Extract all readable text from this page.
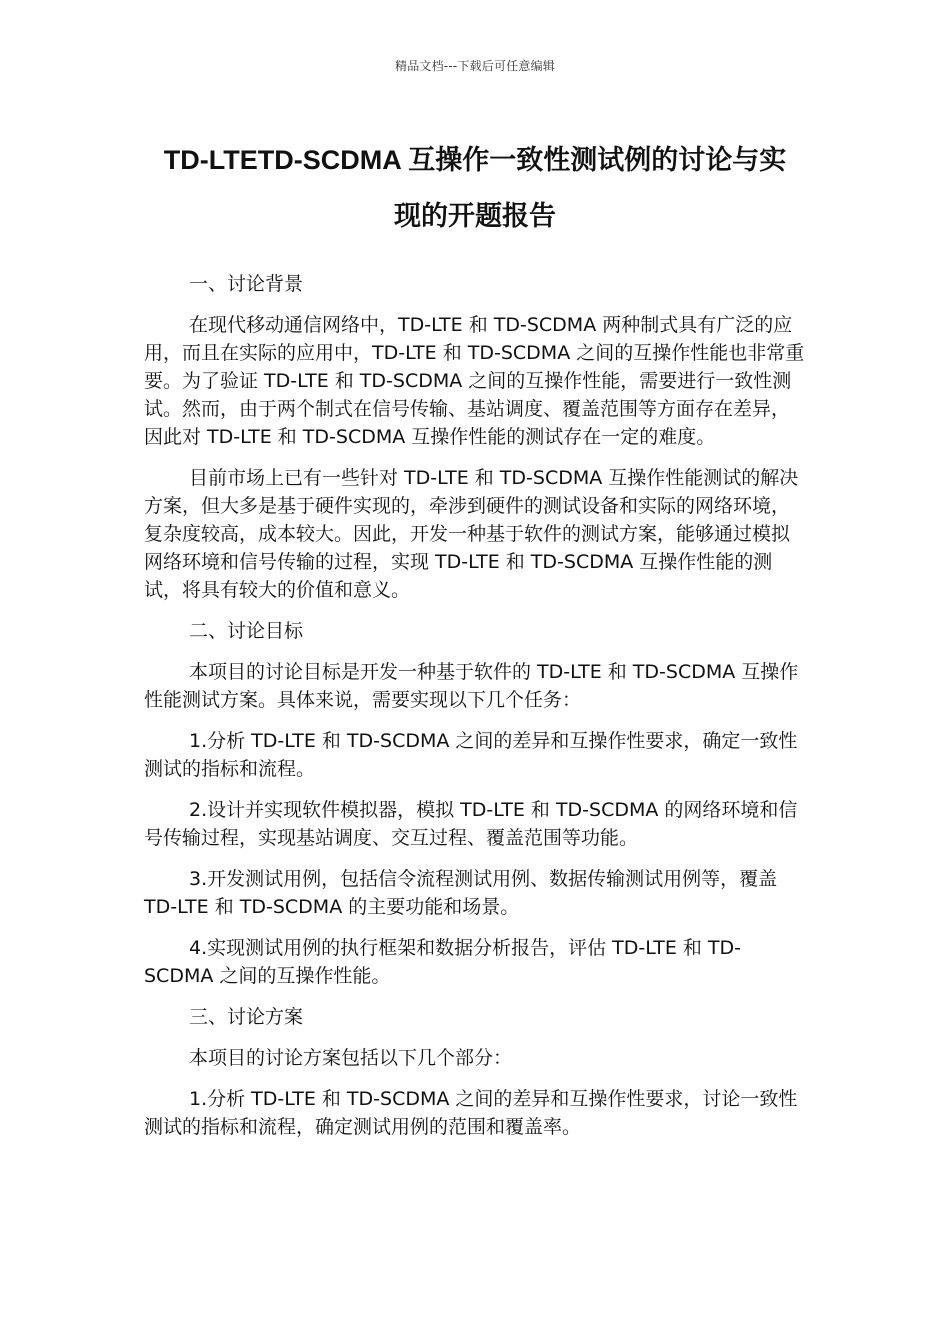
精品文档---下载后可任意编辑
TD-LTETD-SCDMA 互操作一致性测试例的讨论与实
现的开题报告
一、讨论背景

在现代移动通信网络中，TD-LTE 和 TD-SCDMA 两种制式具有广泛的应用，而且在实际的应用中，TD-LTE 和 TD-SCDMA 之间的互操作性能也非常重要。为了验证 TD-LTE 和 TD-SCDMA 之间的互操作性能，需要进行一致性测试。然而，由于两个制式在信号传输、基站调度、覆盖范围等方面存在差异，因此对 TD-LTE 和 TD-SCDMA 互操作性能的测试存在一定的难度。

目前市场上已有一些针对 TD-LTE 和 TD-SCDMA 互操作性能测试的解决方案，但大多是基于硬件实现的，牵涉到硬件的测试设备和实际的网络环境，复杂度较高，成本较大。因此，开发一种基于软件的测试方案，能够通过模拟网络环境和信号传输的过程，实现 TD-LTE 和 TD-SCDMA 互操作性能的测试，将具有较大的价值和意义。

二、讨论目标

本项目的讨论目标是开发一种基于软件的 TD-LTE 和 TD-SCDMA 互操作性能测试方案。具体来说，需要实现以下几个任务：

1.分析 TD-LTE 和 TD-SCDMA 之间的差异和互操作性要求，确定一致性测试的指标和流程。

2.设计并实现软件模拟器，模拟 TD-LTE 和 TD-SCDMA 的网络环境和信号传输过程，实现基站调度、交互过程、覆盖范围等功能。

3.开发测试用例，包括信令流程测试用例、数据传输测试用例等，覆盖 TD-LTE 和 TD-SCDMA 的主要功能和场景。

4.实现测试用例的执行框架和数据分析报告，评估 TD-LTE 和 TD-SCDMA 之间的互操作性能。

三、讨论方案

本项目的讨论方案包括以下几个部分：

1.分析 TD-LTE 和 TD-SCDMA 之间的差异和互操作性要求，讨论一致性测试的指标和流程，确定测试用例的范围和覆盖率。
